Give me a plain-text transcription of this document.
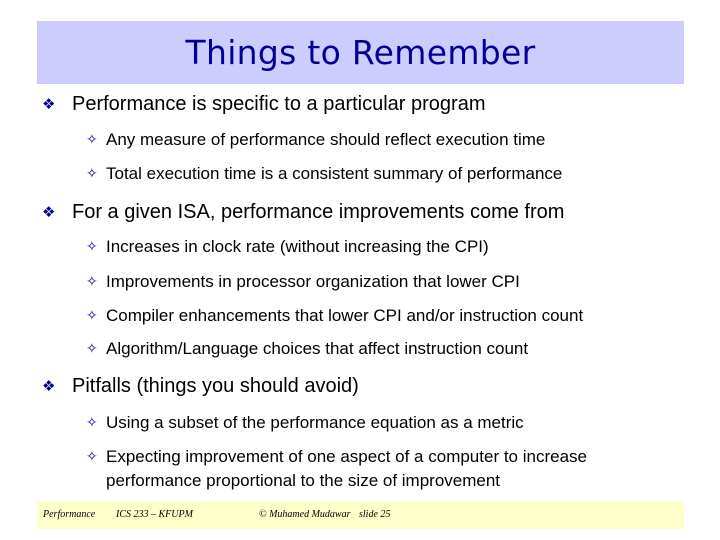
Things to Remember
❖ Performance is specific to a particular program
✧ Any measure of performance should reflect execution time
✧ Total execution time is a consistent summary of performance
❖ For a given ISA, performance improvements come from
✧ Increases in clock rate (without increasing the CPI)
✧ Improvements in processor organization that lower CPI
✧ Compiler enhancements that lower CPI and/or instruction count
✧ Algorithm/Language choices that affect instruction count
❖ Pitfalls (things you should avoid)
✧ Using a subset of the performance equation as a metric
✧ Expecting improvement of one aspect of a computer to increase
performance proportional to the size of improvement
Performance ICS 233 – KFUPM	© Muhamed Mudawar slide 25
